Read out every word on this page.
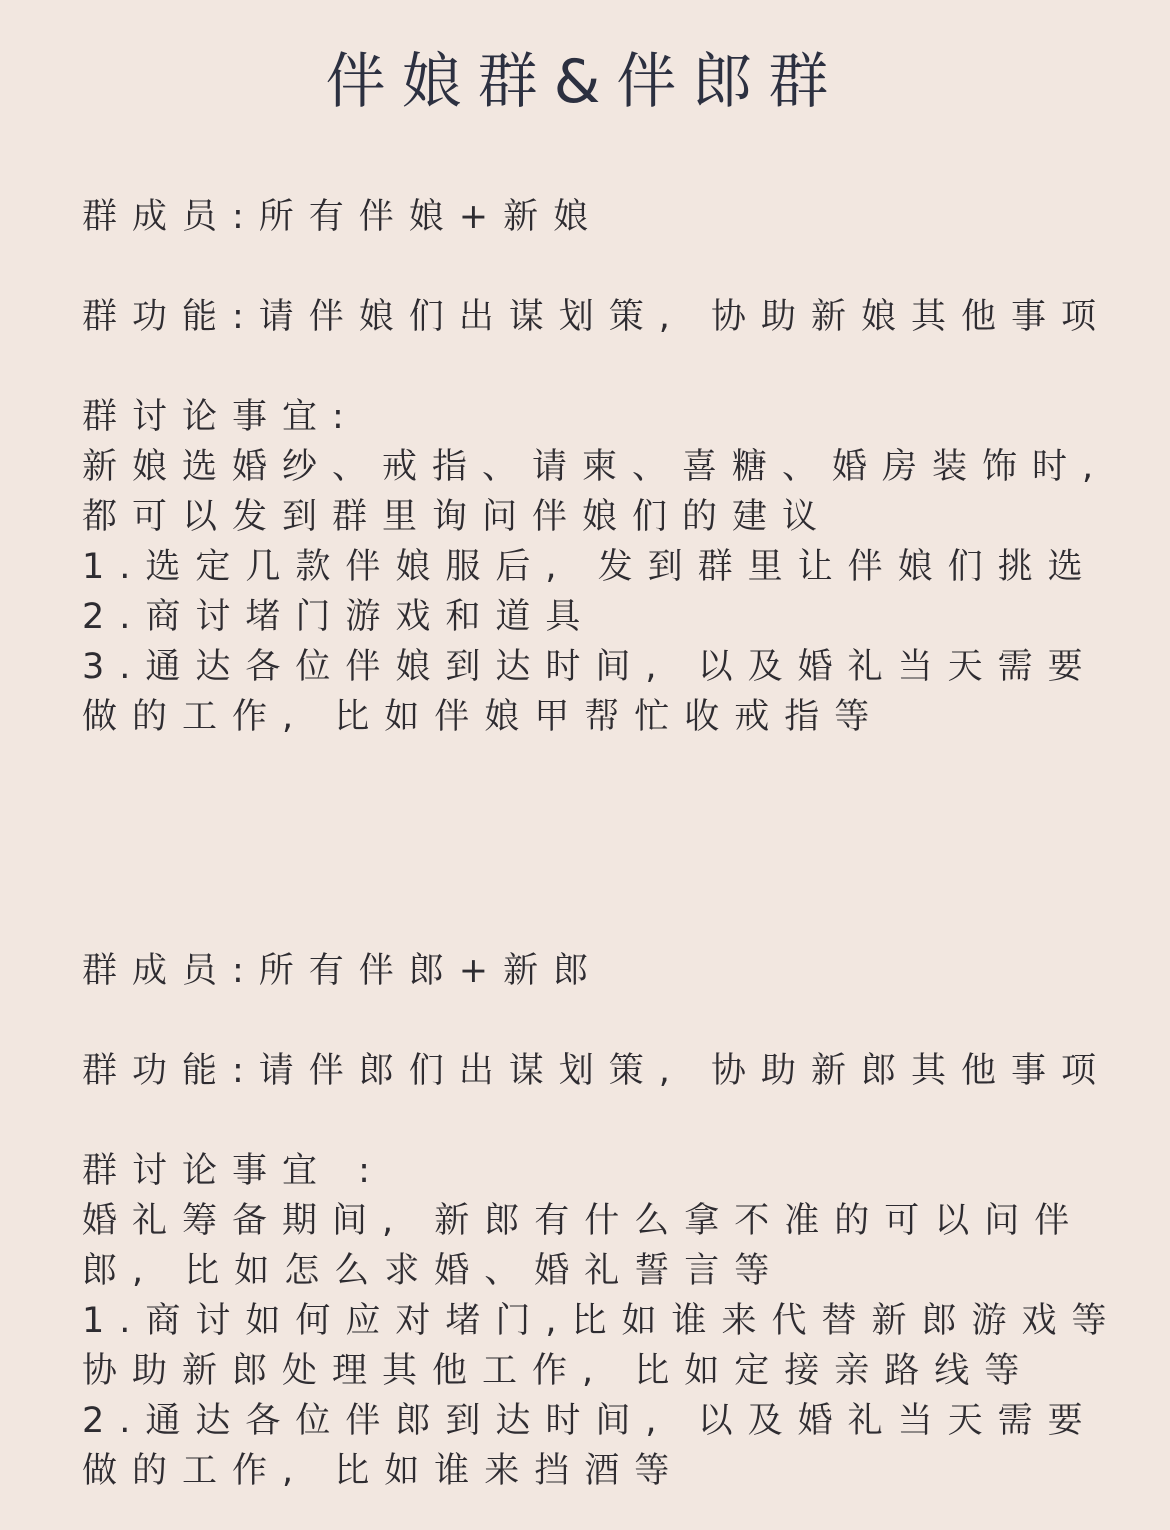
伴娘群&伴郎群
群成员:所有伴娘+新娘
群功能:请伴娘们出谋划策, 协助新娘其他事项
群讨论事宜:
新娘选婚纱、戒指、请柬、喜糖、婚房装饰时,
都可以发到群里询问伴娘们的建议
1.选定几款伴娘服后, 发到群里让伴娘们挑选
2.商讨堵门游戏和道具
3.通达各位伴娘到达时间, 以及婚礼当天需要
做的工作, 比如伴娘甲帮忙收戒指等
群成员:所有伴郎+新郎
群功能:请伴郎们出谋划策, 协助新郎其他事项
群讨论事宜 :
婚礼筹备期间, 新郎有什么拿不准的可以问伴
郎, 比如怎么求婚、婚礼誓言等
1.商讨如何应对堵门,比如谁来代替新郎游戏等
协助新郎处理其他工作, 比如定接亲路线等
2.通达各位伴郎到达时间, 以及婚礼当天需要
做的工作, 比如谁来挡酒等
